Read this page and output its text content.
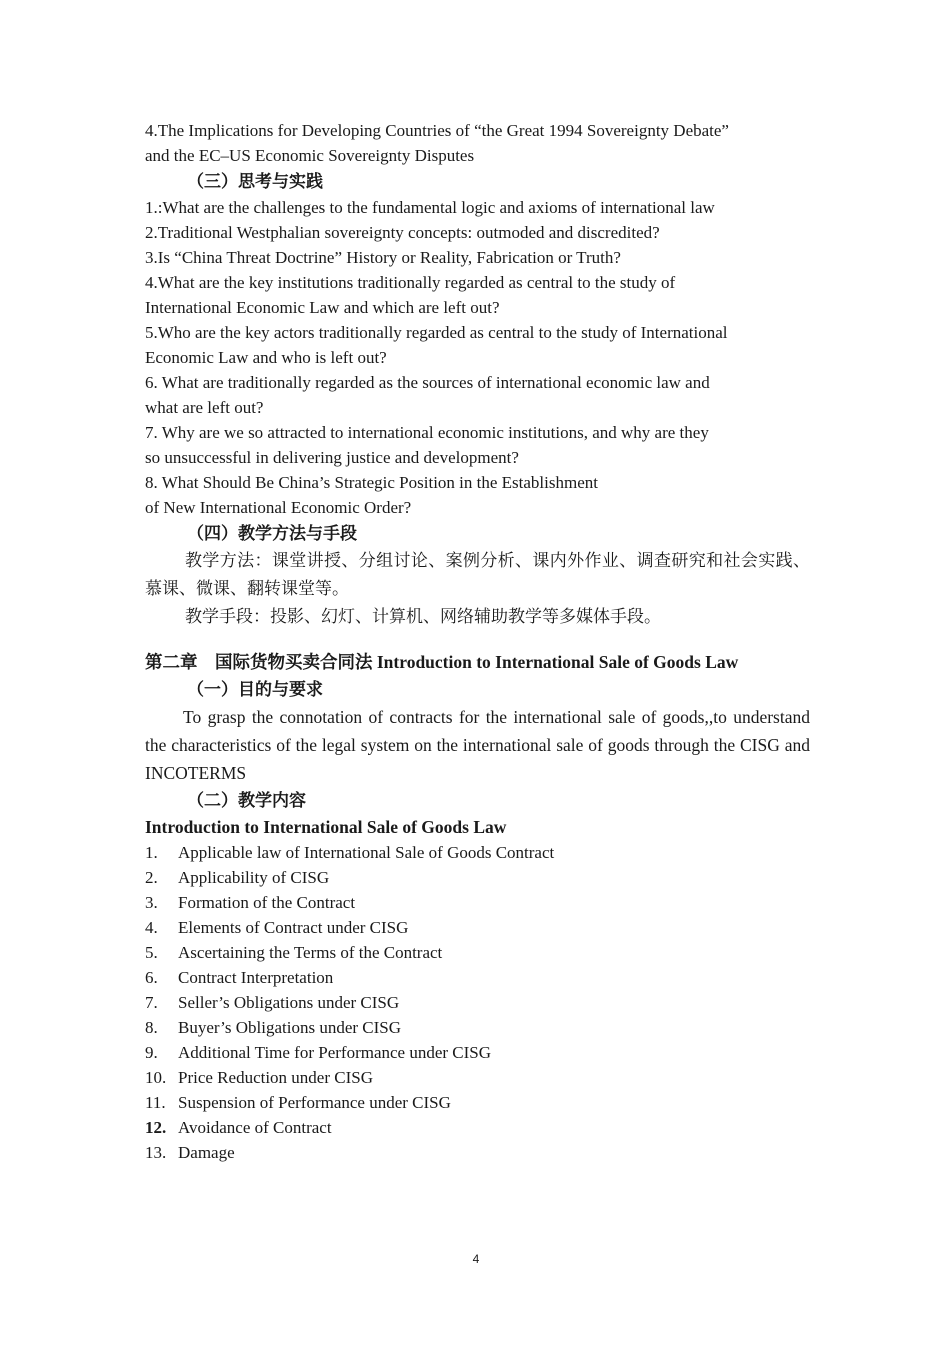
4.The Implications for Developing Countries of “the Great 1994 Sovereignty Debate”
and the EC–US Economic Sovereignty Disputes
（三）思考与实践
1.:What are the challenges to the fundamental logic and axioms of international law
2.Traditional Westphalian sovereignty concepts: outmoded and discredited?
3.Is “China Threat Doctrine” History or Reality, Fabrication or Truth?
4.What are the key institutions traditionally regarded as central to the study of
International Economic Law and which are left out?
5.Who are the key actors traditionally regarded as central to the study of International
Economic Law and who is left out?
6. What are traditionally regarded as the sources of international economic law and
what are left out?
7. Why are we so attracted to international economic institutions, and why are they
so unsuccessful in delivering justice and development?
8. What Should Be China’s Strategic Position in the Establishment
of New International Economic Order?
（四）教学方法与手段
教学方法：课堂讲授、分组讨论、案例分析、课内外作业、调查研究和社会实践、慕课、微课、翻转课堂等。
教学手段：投影、幻灯、计算机、网络辅助教学等多媒体手段。
第二章　国际货物买卖合同法 Introduction to International Sale of Goods Law
（一）目的与要求
To grasp the connotation of contracts for the international sale of goods,,to understand the characteristics of the legal system on the international sale of goods through the CISG and INCOTERMS
（二）教学内容
Introduction to International Sale of Goods Law
1. Applicable law of International Sale of Goods Contract
2. Applicability of CISG
3. Formation of the Contract
4. Elements of Contract under CISG
5. Ascertaining the Terms of the Contract
6. Contract Interpretation
7. Seller’s Obligations under CISG
8. Buyer’s Obligations under CISG
9. Additional Time for Performance under CISG
10. Price Reduction under CISG
11. Suspension of Performance under CISG
12. Avoidance of Contract
13. Damage
4
